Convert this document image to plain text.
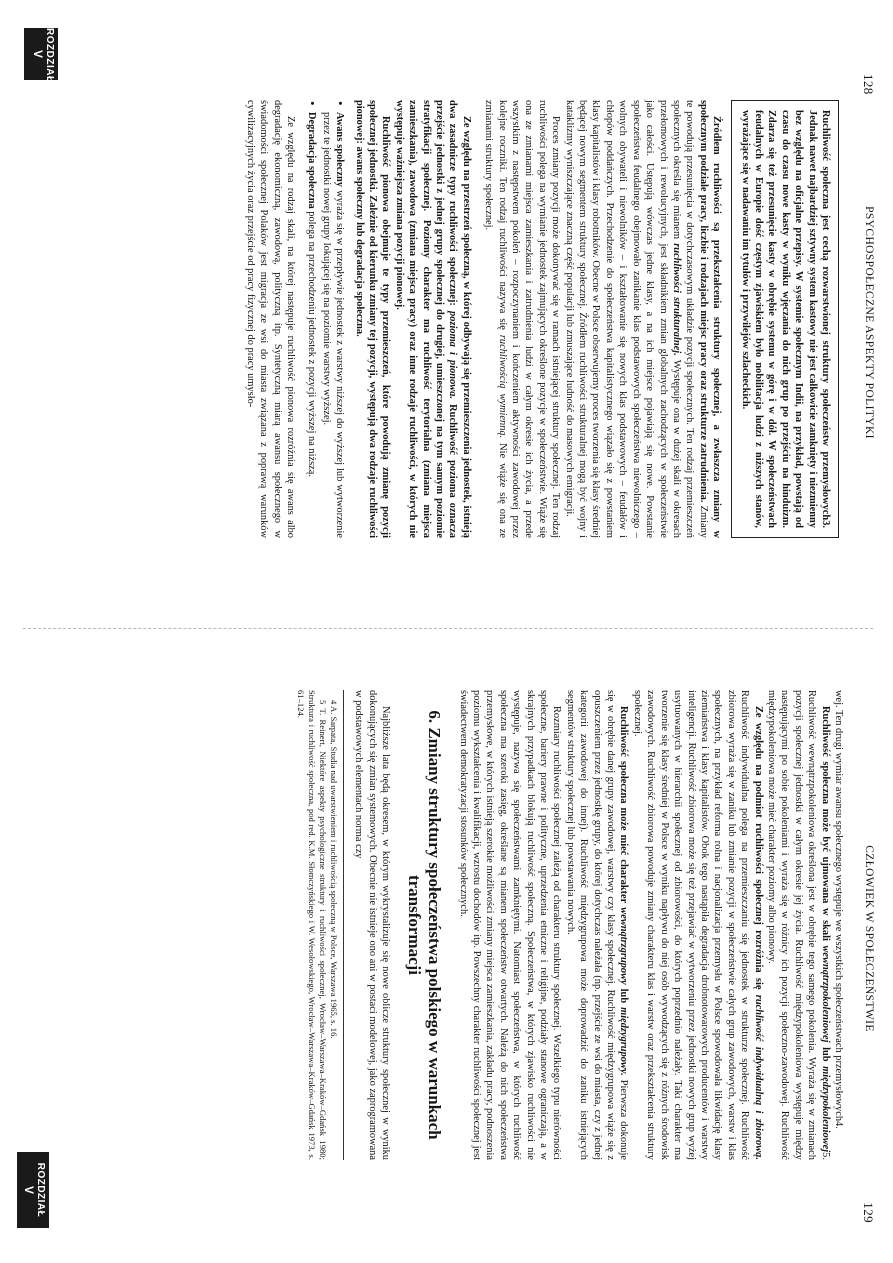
128
PSYCHOSPOŁECZNE ASPEKTY POLITYKI
ROZDZIAŁ
V

Ruchliwość społeczna jest cechą rozwarstwionej struktury społeczeństw przemysłowych3. Jednak nawet najbardziej sztywny system kastowy nie jest całkowicie zamknięty i niezmienny bez względu na oficjalne przepisy. W systemie społecznym Indii, na przykład, powstają od czasu do czasu nowe kasty w wyniku wjęczania do nich grup po przejściu na hinduizm. Zdarza się też przesunięcie kasty w obrębie systemu w górę i w dół. W społeczeństwach feudalnych w Europie dość częstym zjawiskiem było nobilitacja ludzi z niższych stanów, wyrażające się w nadawaniu im tytułów i przywilejów szlacheckich.

Źródłem ruchliwości są przekształcenia struktury społecznej, a zwłaszcza zmiany w społecznym podziale pracy, liczbie i rodzajach miejsc pracy oraz strukturze zatrudnienia. Zmiany te powodują przesunięcia w dotychczasowym układzie pozycji społecznych. Ten rodzaj przemieszczeń społecznych określa się mianem ruchliwości strukturalnej. Występuje ona w dużej skali w okresach przełomowych i rewolucyjnych, jest składnikiem zmian globalnych zachodzących w społeczeństwie jako całości. Ustępują wówczas jedne klasy, a na ich miejsce pojawiają się nowe. Powstanie społeczeństwa feudalnego obejmowało zanikanie klas podstawowych społeczeństwa niewolniczego – wolnych obywateli i niewolników – i kształtowanie się nowych klas podstawowych – feudałów i chłopów poddańczych. Przechodzenie do społeczeństwa kapitalistycznego wiązało się z powstaniem klasy kapitalistów i klasy robotników. Obecne w Polsce obserwujemy proces tworzenia się klasy średniej będącej nowym segmentem struktury społecznej. Źródłem ruchliwości strukturalnej mogą być wojny i kataklizmy wyniszczające znaczną część populacji lub zmuszające ludność do masowych emigracji.

Proces zmiany pozycji może dokonywać się w ramach istniejącej struktury społecznej. Ten rodzaj ruchliwości polega na wymianie jednostek zajmujących określone pozycje w społeczeństwie. Wiąże się ona ze zmianami miejsca zamieszkania i zatrudnienia ludzi w całym okresie ich życia, a przede wszystkim z następstwem pokoleń – rozpoczynaniem i kończeniem aktywności zawodowej przez kolejne roczniki. Ten rodzaj ruchliwości nazywa się ruchliwością wymienną. Nie wiąże się ona ze zmianami struktury społecznej.

Ze względu na przestrzeń społeczną, w której odbywają się przemieszczenia jednostek, istnieją dwa zasadnicze typy ruchliwości społecznej: pozioma i pionowa. Ruchliwość pozioma oznacza przejście jednostki z jednej grupy społecznej do drugiej, umieszczonej na tym samym poziomie stratyfikacji społecznej. Poziomy charakter ma ruchliwość terytorialna (zmiana miejsca zamieszkania), zawodowa (zmiana miejsca pracy) oraz inne rodzaje ruchliwości, w których nie występuje ważniejsza zmiana pozycji pionowej.

Ruchliwość pionowa obejmuje te typy przemieszczeń, które powodują zmianę pozycji społecznej jednostki. Zależnie od kierunku zmiany tej pozycji, występują dwa rodzaje ruchliwości pionowej: awans społeczny lub degradacja społeczna.

• Awans społeczny wyraża się w przepływie jednostek z warstwy niższej do wyższej lub wytworzenie przez te jednostki nowej grupy lokującej się na poziomie warstwy wyższej.
• Degradacja społeczna polega na przechodzeniu jednostek z pozycji wyższej na niższą.

Ze względu na rodzaj skali, na której następuje ruchliwość pionowa rozróżnia się awans albo degradację ekonomiczną, zawodową, polityczną itp. Syntetyczną miarą awansu społecznego w świadomości społecznej Polaków jest migracja ze wsi do miasta związana z poprawą warunków cywilizacyjnych życia oraz przejście od pracy fizycznej do pracy umysło-

CZŁOWIEK W SPOŁECZEŃSTWIE
129

wej. Ten drugi wymiar awansu społecznego występuje we wszystkich społeczeństwach przemysłowych4.

Ruchliwość społeczna może być ujmowana w skali wewnątrzpokoleniowej lub międzypokoleniowej5. Ruchliwość wewnątrzpokoleniowa określona jest w obrębie tego samego pokolenia. Wyraża się w zmianach pozycji społecznej jednostki w całym okresie jej życia. Ruchliwość międzypokoleniowa występuje między następującymi po sobie pokoleniami i wyraża się w różnicy ich pozycji społeczno-zawodowej. Ruchliwość międzypokoleniowa może mieć charakter poziomy albo pionowy.

Ze względu na podmiot ruchliwości społecznej rozróżnia się ruchliwość indywidualną i zbiorową. Ruchliwość indywidualna polega na przemieszczaniu się jednostek w strukturze społecznej. Ruchliwość zbiorowa wyraża się w zaniku lub zmianie pozycji w społeczeństwie całych grup zawodowych, warstw i klas społecznych, na przykład reforma rolna i nacjonalizacja przemysłu w Polsce spowodowała likwidację klasy ziemiaństwa i klasy kapitalistów. Obok tego nastąpiła degradacja drobnotowarowych producentów i warstwy inteligencji. Ruchliwość zbiorowa może się też przejawiać w wytworzeniu przez jednostki nowych grup wyżej usytuowanych w hierarchii społecznej od zbiorowości, do których poprzednio należały. Taki charakter ma tworzenie się klasy średniej w Polsce w wyniku napływu do niej osób wywodzących się z różnych środowisk zawodowych. Ruchliwość zbiorowa powoduje zmiany charakteru klas i warstw oraz przekształcenia struktury społecznej.

Ruchliwość społeczna może mieć charakter wewnątrzgrupowy lub międzygrupowy. Pierwsza dokonuje się w obrębie danej grupy zawodowej, warstwy czy klasy społecznej. Ruchliwość międzygrupowa wiąże się z opuszczeniem przez jednostkę grupy, do której dotychczas należała (np. przejście ze wsi do miasta, czy z jednej kategorii zawodowej do innej). Ruchliwość międzygrupowa może doprowadzić do zaniku istniejących segmentów struktury społecznej lub powstawania nowych.

Rozmiary ruchliwości społecznej zależą od charakteru struktury społecznej. Wszelkiego typu nierówności społeczne, bariery prawne i polityczne, uprzedzenia etniczne i religijne, podziały stanowe ograniczają, a w skrajnych przypadkach blokują ruchliwość społeczną. Społeczeństwa, w których zjawisko ruchliwości nie występuje, nazywa się społeczeństwami zamkniętymi. Natomiast społeczeństwa, w których ruchliwość społeczna ma szeroki zasięg, określane są mianem społeczeństw otwartych. Należą do nich społeczeństwa przemysłowe, w których istnieją szerokie możliwości zmiany miejsca zamieszkania, zakładu pracy, podnoszenia poziomu wykształcenia i kwalifikacji, wzrostu dochodów itp. Powszechny charakter ruchliwości społecznej jest świadectwem demokratyzacji stosunków społecznych.

6. Zmiany struktury społeczeństwa polskiego w warunkach transformacji

Najbliższe lata będą okresem, w którym wykrystalizuje się nowe oblicze struktury społecznej w wyniku dokonujących się zmian systemowych. Obecnie nie istnieje ono ani w postaci modelowej, jako zaprogramowana w podstawowych elementach norma czy

4 A. Sarpata, Studia nad uwarstwieniem i ruchliwością społeczną w Polsce, Warszawa 1965, s. 16.
5 T. Reinert, Niektóre aspekty psychologiczne struktury i ruchliwości społecznej, Wrocław–Warszawa–Kraków–Gdańsk 1980; Struktura i ruchliwość społeczna, pod red. K.M. Słomczyńskiego i W. Wesołowskiego, Wrocław–Warszawa–Kraków–Gdańsk 1973, s. 61–124.
ROZDZIAŁ
V
